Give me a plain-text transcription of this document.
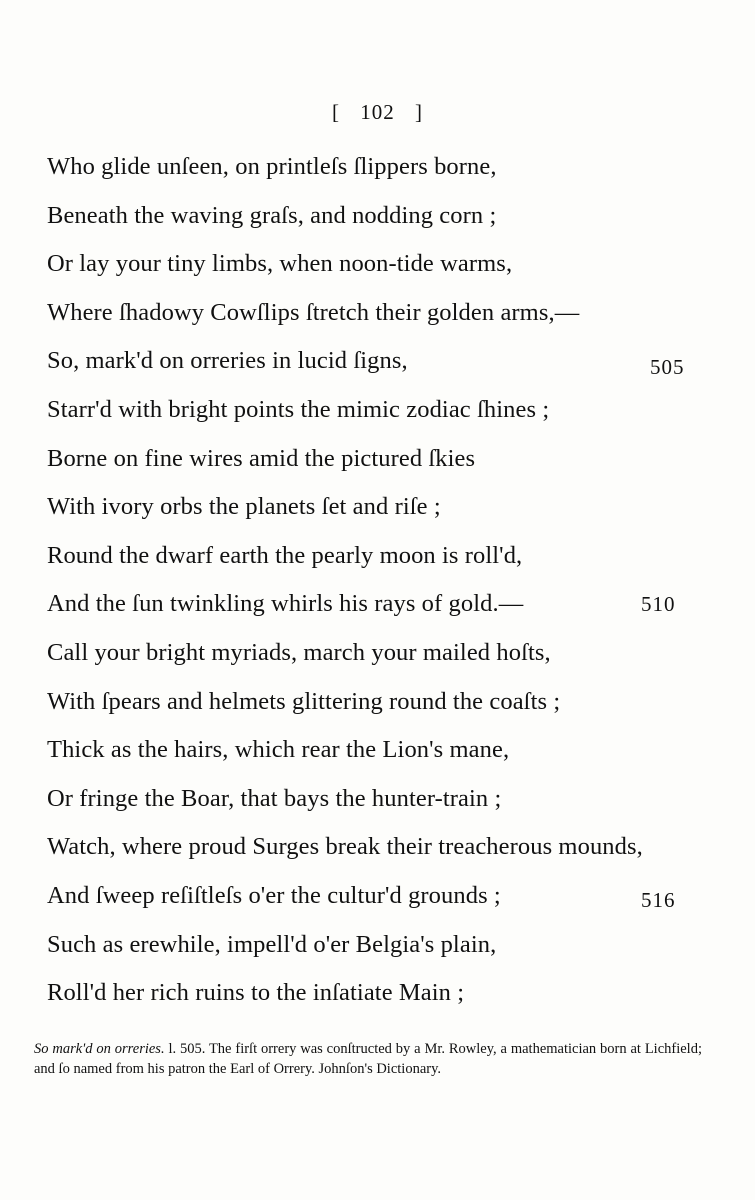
[ 102 ]
Who glide unſeen, on printleſs ſlippers borne,
Beneath the waving graſs, and nodding corn ;
Or lay your tiny limbs, when noon-tide warms,
Where ſhadowy Cowſlips ſtretch their golden arms,—
So, mark'd on orreries in lucid ſigns,	505
Starr'd with bright points the mimic zodiac ſhines ;
Borne on fine wires amid the pictured ſkies
With ivory orbs the planets ſet and riſe ;
Round the dwarf earth the pearly moon is roll'd,
And the ſun twinkling whirls his rays of gold.—	510
Call your bright myriads, march your mailed hoſts,
With ſpears and helmets glittering round the coaſts ;
Thick as the hairs, which rear the Lion's mane,
Or fringe the Boar, that bays the hunter-train ;
Watch, where proud Surges break their treacherous mounds,
And ſweep reſiſtleſs o'er the cultur'd grounds ;	516
Such as erewhile, impell'd o'er Belgia's plain,
Roll'd her rich ruins to the inſatiate Main ;
So mark'd on orreries. l. 505. The firſt orrery was conſtructed by a Mr. Rowley, a mathematician born at Lichfield; and ſo named from his patron the Earl of Orrery. Johnſon's Dictionary.
